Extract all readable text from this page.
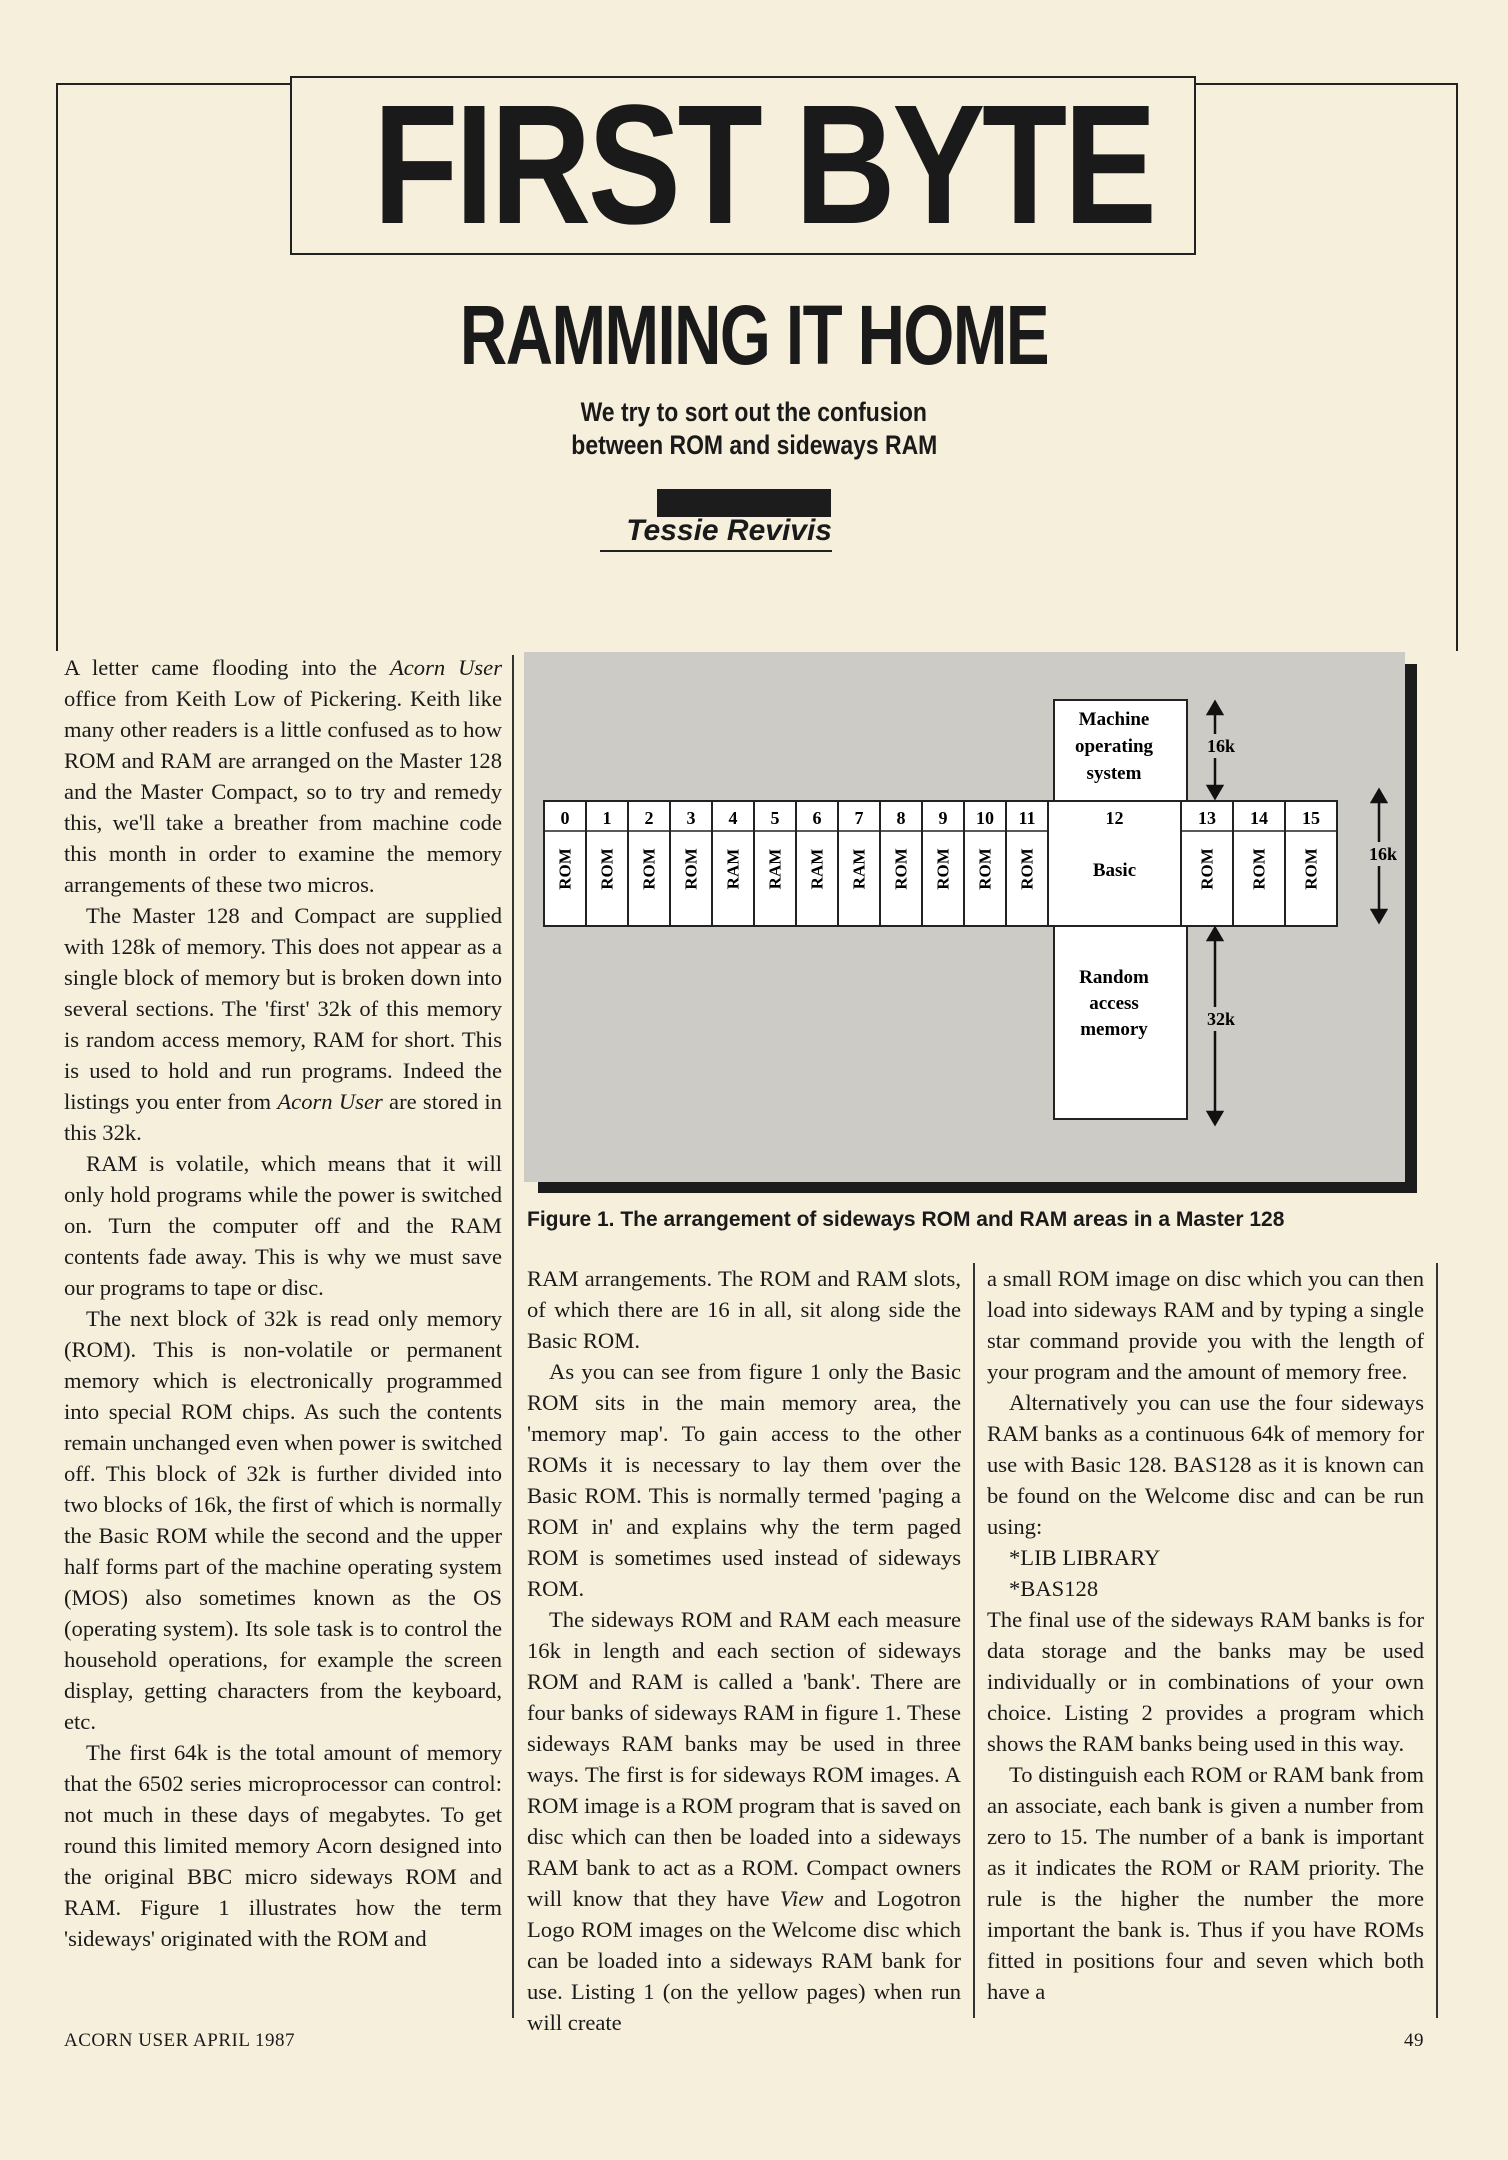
FIRST BYTE
RAMMING IT HOME
We try to sort out the confusion
between ROM and sideways RAM
Tessie Revivis

A letter came flooding into the Acorn User office from Keith Low of Pickering. Keith like many other readers is a little confused as to how ROM and RAM are arranged on the Master 128 and the Master Compact, so to try and remedy this, we'll take a breather from machine code this month in order to examine the memory arrangements of these two micros.

The Master 128 and Compact are supplied with 128k of memory. This does not appear as a single block of memory but is broken down into several sections. The 'first' 32k of this memory is random access memory, RAM for short. This is used to hold and run programs. Indeed the listings you enter from Acorn User are stored in this 32k.

RAM is volatile, which means that it will only hold programs while the power is switched on. Turn the computer off and the RAM contents fade away. This is why we must save our programs to tape or disc.

The next block of 32k is read only memory (ROM). This is non-volatile or permanent memory which is electronically programmed into special ROM chips. As such the contents remain unchanged even when power is switched off. This block of 32k is further divided into two blocks of 16k, the first of which is normally the Basic ROM while the second and the upper half forms part of the machine operating system (MOS) also sometimes known as the OS (operating system). Its sole task is to control the household operations, for example the screen display, getting characters from the keyboard, etc.

The first 64k is the total amount of memory that the 6502 series microprocessor can control: not much in these days of megabytes. To get round this limited memory Acorn designed into the original BBC micro sideways ROM and RAM. Figure 1 illustrates how the term 'sideways' originated with the ROM and

0
ROM
1
ROM
2
ROM
3
ROM
4
RAM
5
RAM
6
RAM
7
RAM
8
ROM
9
ROM
10
ROM
11
ROM
12
Basic
13
ROM
14
ROM
15
ROM
Machine
operating
system
Random
access
memory
16k
16k
32k
Figure 1. The arrangement of sideways ROM and RAM areas in a Master 128

RAM arrangements. The ROM and RAM slots, of which there are 16 in all, sit along side the Basic ROM.

As you can see from figure 1 only the Basic ROM sits in the main memory area, the 'memory map'. To gain access to the other ROMs it is necessary to lay them over the Basic ROM. This is normally termed 'paging a ROM in' and explains why the term paged ROM is sometimes used instead of sideways ROM.

The sideways ROM and RAM each measure 16k in length and each section of sideways ROM and RAM is called a 'bank'. There are four banks of sideways RAM in figure 1. These sideways RAM banks may be used in three ways. The first is for sideways ROM images. A ROM image is a ROM program that is saved on disc which can then be loaded into a sideways RAM bank to act as a ROM. Compact owners will know that they have View and Logotron Logo ROM images on the Welcome disc which can be loaded into a sideways RAM bank for use. Listing 1 (on the yellow pages) when run will create

a small ROM image on disc which you can then load into sideways RAM and by typing a single star command provide you with the length of your program and the amount of memory free.

Alternatively you can use the four sideways RAM banks as a continuous 64k of memory for use with Basic 128. BAS128 as it is known can be found on the Welcome disc and can be run using:

*LIB LIBRARY

*BAS128

The final use of the sideways RAM banks is for data storage and the banks may be used individually or in combinations of your own choice. Listing 2 provides a program which shows the RAM banks being used in this way.

To distinguish each ROM or RAM bank from an associate, each bank is given a number from zero to 15. The number of a bank is important as it indicates the ROM or RAM priority. The rule is the higher the number the more important the bank is. Thus if you have ROMs fitted in positions four and seven which both have a

ACORN USER APRIL 1987	49
